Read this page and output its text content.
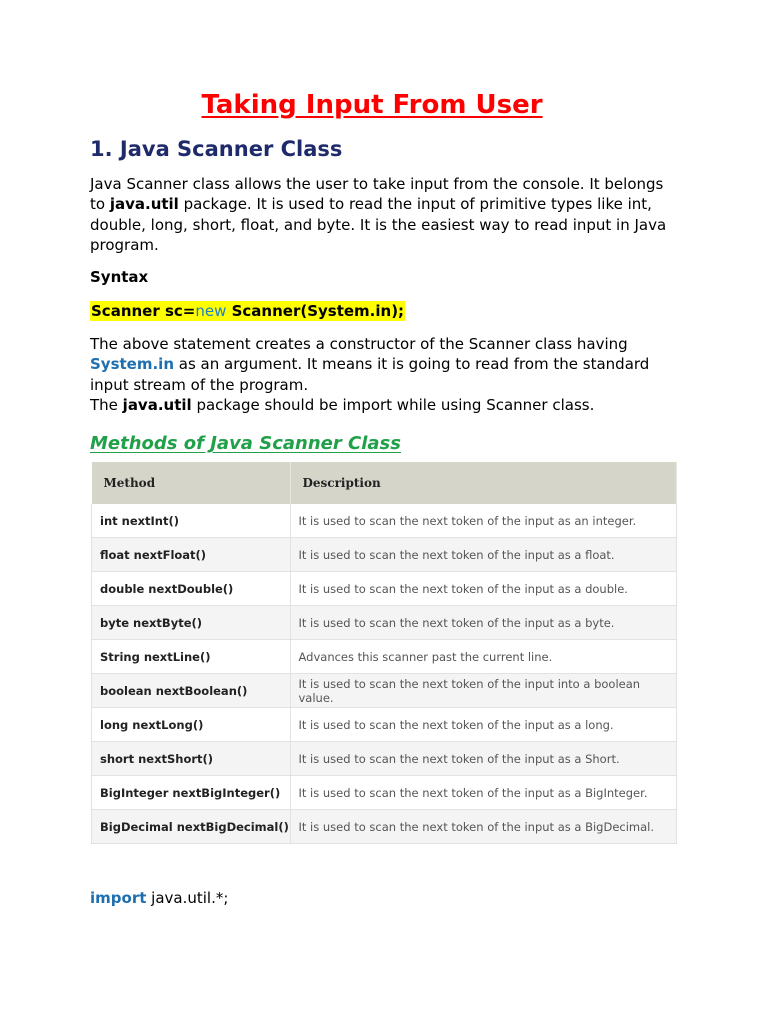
Taking Input From User
1. Java Scanner Class

Java Scanner class allows the user to take input from the console. It belongs to java.util package. It is used to read the input of primitive types like int, double, long, short, float, and byte. It is the easiest way to read input in Java program.

Syntax

Scanner sc=new Scanner(System.in);

The above statement creates a constructor of the Scanner class having System.in as an argument. It means it is going to read from the standard input stream of the program.
The java.util package should be import while using Scanner class.

Methods of Java Scanner Class
Method	Description
int nextInt()	It is used to scan the next token of the input as an integer.
float nextFloat()	It is used to scan the next token of the input as a float.
double nextDouble()	It is used to scan the next token of the input as a double.
byte nextByte()	It is used to scan the next token of the input as a byte.
String nextLine()	Advances this scanner past the current line.
boolean nextBoolean()	It is used to scan the next token of the input into a boolean value.
long nextLong()	It is used to scan the next token of the input as a long.
short nextShort()	It is used to scan the next token of the input as a Short.
BigInteger nextBigInteger()	It is used to scan the next token of the input as a BigInteger.
BigDecimal nextBigDecimal()	It is used to scan the next token of the input as a BigDecimal.

import java.util.*;
